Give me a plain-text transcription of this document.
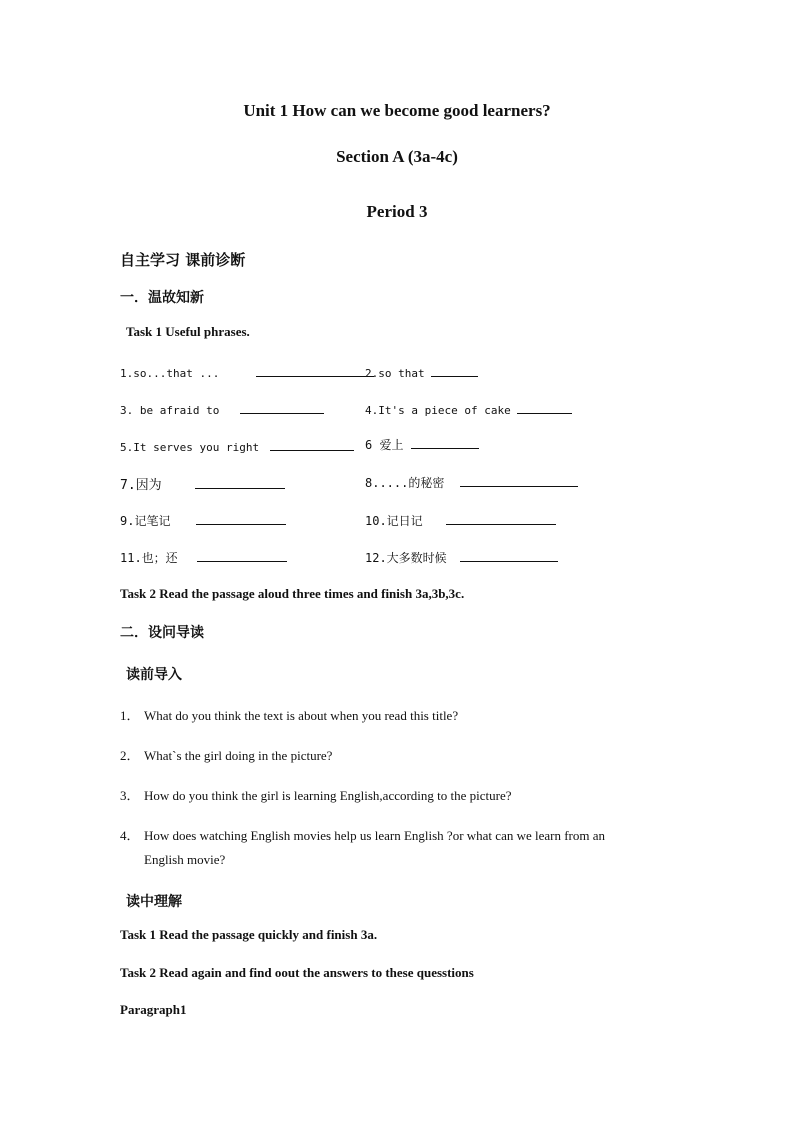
Unit 1 How can we become good learners?
Section A (3a-4c)
Period 3
自主学习 课前诊断
一．温故知新
Task 1 Useful phrases.
1.so...that ...	2.so that
3. be afraid to	4.It's a piece of cake
5.It serves you right	6 爱上
7.因为	8.....的秘密
9.记笔记	10.记日记
11.也；还	12.大多数时候
Task 2 Read the passage aloud three times and finish 3a,3b,3c.
二．设问导读
读前导入
1． What do you think the text is about when you read this title?
2． What`s the girl doing in the picture?
3． How do you think the girl is learning English,according to the picture?
4． How does watching English movies help us learn English ?or what can we learn from an
English movie?
读中理解
Task 1 Read the passage quickly and finish 3a.
Task 2 Read again and find oout the answers to these quesstions
Paragraph1
